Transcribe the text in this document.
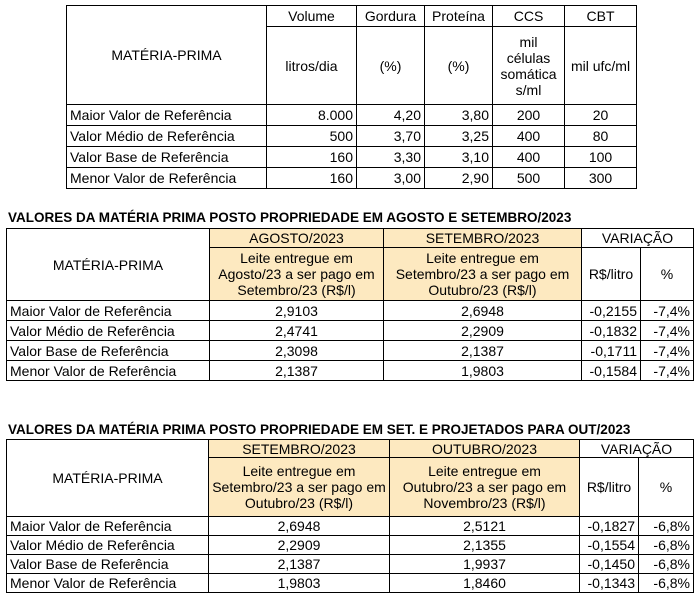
MATÉRIA-PRIMA	Volume	Gordura	Proteína	CCS	CBT
	litros/dia	(%)	(%)	mil células somática s/ml	mil ufc/ml
Maior Valor de Referência	8.000	4,20	3,80	200	20
Valor Médio de Referência	500	3,70	3,25	400	80
Valor Base de Referência	160	3,30	3,10	400	100
Menor Valor de Referência	160	3,00	2,90	500	300

VALORES DA MATÉRIA PRIMA POSTO PROPRIEDADE EM AGOSTO E SETEMBRO/2023

MATÉRIA-PRIMA	AGOSTO/2023	SETEMBRO/2023	VARIAÇÃO	
	Leite entregue em Agosto/23 a ser pago em Setembro/23 (R$/l)	Leite entregue em Setembro/23 a ser pago em Outubro/23 (R$/l)	R$/litro	%
Maior Valor de Referência	2,9103	2,6948	-0,2155	-7,4%
Valor Médio de Referência	2,4741	2,2909	-0,1832	-7,4%
Valor Base de Referência	2,3098	2,1387	-0,1711	-7,4%
Menor Valor de Referência	2,1387	1,9803	-0,1584	-7,4%

VALORES DA MATÉRIA PRIMA POSTO PROPRIEDADE EM SET. E PROJETADOS PARA OUT/2023

MATÉRIA-PRIMA	SETEMBRO/2023	OUTUBRO/2023	VARIAÇÃO	
	Leite entregue em Setembro/23 a ser pago em Outubro/23 (R$/l)	Leite entregue em Outubro/23 a ser pago em Novembro/23 (R$/l)	R$/litro	%
Maior Valor de Referência	2,6948	2,5121	-0,1827	-6,8%
Valor Médio de Referência	2,2909	2,1355	-0,1554	-6,8%
Valor Base de Referência	2,1387	1,9937	-0,1450	-6,8%
Menor Valor de Referência	1,9803	1,8460	-0,1343	-6,8%
